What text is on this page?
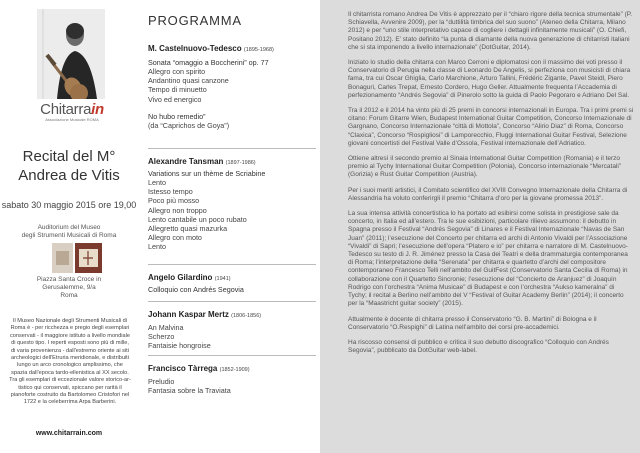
Chitarrain
Associazione Musicale ROMA
Recital del M°
Andrea de Vitis
sabato 30 maggio 2015 ore 19,00
Auditorium del Museo
degli Strumenti Musicali di Roma
Piazza Santa Croce in
Gerusalemme, 9/a
Roma
Il Museo Nazionale degli Strumenti Musicali di
Roma è - per ricchezza e pregio degli esemplari
conservati - il maggiore istituto a livello mondiale
di questo tipo. I reperti esposti sono più di mille,
di varia provenienza - dall'estremo oriente ai siti
archeologici dell'Etruria meridionale, e distribuiti
lungo un arco cronologico amplissimo, che
spazia dall'epoca tardo-ellenistica al XX secolo.
Tra gli esemplari di eccezionale valore storico-ar-
tistico qui conservati, spiccano per rarità il
pianoforte costruito da Bartolomeo Cristofori nel
1722 e la celeberrima Arpa Barberini.
www.chitarrain.com
PROGRAMMA
M. Castelnuovo-Tedesco (1895-1968)
Sonata “omaggio a Boccherini” op. 77
Allegro con spirito
Andantino quasi canzone
Tempo di minuetto
Vivo ed energico
No hubo remedio”
(da “Caprichos de Goya”)
Alexandre Tansman (1897-1986)
Variations sur un thème de Scriabine
Lento
Istesso tempo
Poco più mosso
Allegro non troppo
Lento cantabile un poco rubato
Allegretto quasi mazurka
Allegro con moto
Lento
Angelo Gilardino (1941)
Colloquio con Andrés Segovia
Johann Kaspar Mertz (1806-1856)
An Malvina
Scherzo
Fantaisie hongroise
Francisco Tàrrega (1852-1909)
Preludio
Fantasia sobre la Traviata

Il chitarrista romano Andrea De Vitis è apprezzato per il “chiaro rigore della tecnica strumentale” (P. Schiavella, Avvenire 2009), per la “duttilità timbrica del suo suono” (Ateneo della Chitarra, Milano 2012) e per “uno stile interpretativo capace di cogliere i dettagli infinitamente musicali” (O. Chiefi, Positano 2012). E’ stato definito “la punta di diamante della nuova generazione di chitarristi italiani che si sta imponendo a livello internazionale” (DotGuitar, 2014).

Iniziato lo studio della chitarra con Marco Cerroni e diplomatosi con il massimo dei voti presso il Conservatorio di Perugia nella classe di Leonardo De Angelis, si perfeziona con musicisti di chiara fama, tra cui Oscar Ghiglia, Carlo Marchione, Arturo Tallini, Frédéric Zigante, Pavel Steidl, Piero Bonaguri, Carles Trepat, Ernesto Cordero, Hugo Geller. Attualmente frequenta l’Accademia di perfezionamento “Andrés Segovia” di Pinerolo sotto la guida di Paolo Pegoraro e Adriano Del Sal.

Tra il 2012 e il 2014 ha vinto più di 25 premi in concorsi internazionali in Europa. Tra i primi premi si citano: Forum Gitarre Wien, Budapest International Guitar Competition, Concorso Internazionale di Gargnano, Concorso Internazionale “città di Mottola”, Concorso “Alirio Diaz” di Roma, Concorso “Claxica”, Concorso “Rospigliosi” di Lamporecchio, Fluggi International Guitar Festival, Selezione giovani concertisti del Festival Valle d’Ossola, Festival internazionale dell’Adriatico.

Ottiene altresì il secondo premio al Sinaia International Guitar Competition (Romania) e il terzo premio al Tychy International Guitar Competition (Polonia), Concorso internazionale “Mercatali” (Gorizia) e Rust Guitar Competition (Austria).

Per i suoi meriti artistici, il Comitato scientifico del XVIII Convegno Internazionale della Chitarra di Alessandria ha voluto conferirgli il premio “Chitarra d’oro per la giovane promessa 2013”.

La sua intensa attività concertistica lo ha portato ad esibirsi come solista in prestigiose sale da concerto, in Italia ed all’estero. Tra le sue esibizioni, particolare rilievo assumono: il debutto in Spagna presso il Festival “Andrés Segovia” di Linares e il Festival Internazionale “Navas de San Juan” (2011); l’esecuzione del Concerto per chitarra ed archi di Antonio Vivaldi per l’Associazione “Vivaldi” di Sapri; l’esecuzione dell’opera “Platero e io” per chitarra e narratore di M. Castelnuovo-Tedesco su testo di J. R. Jiménez presso la Casa dei Teatri e della drammaturgia contemporanea di Roma; l’interpretazione della “Serenata” per chitarra e quartetto d’archi del compositore contemporaneo Francesco Telli nell’ambito del GuitFest (Conservatorio Santa Cecilia di Roma) in collaborazione con il Quartetto Sincronie; l’esecuzione del “Concierto de Aranjuez” di Joaquín Rodrigo con l’orchestra “Anima Musicae” di Budapest e con l’orchestra “Aukso kameralna” di Tychy; il recital a Berlino nell’ambito del V “Festival of Guitar Academy Berlin” (2014); il concerto per la “Maastricht guitar society” (2015).

Attualmente è docente di chitarra presso il Conservatorio “G. B. Martini” di Bologna e il Conservatorio “O.Respighi” di Latina nell’ambito dei corsi pre-accademici.

Ha riscosso consensi di pubblico e critica il suo debutto discografico “Colloquio con Andrés Segovia”, pubblicato da DotGuitar web-label.
